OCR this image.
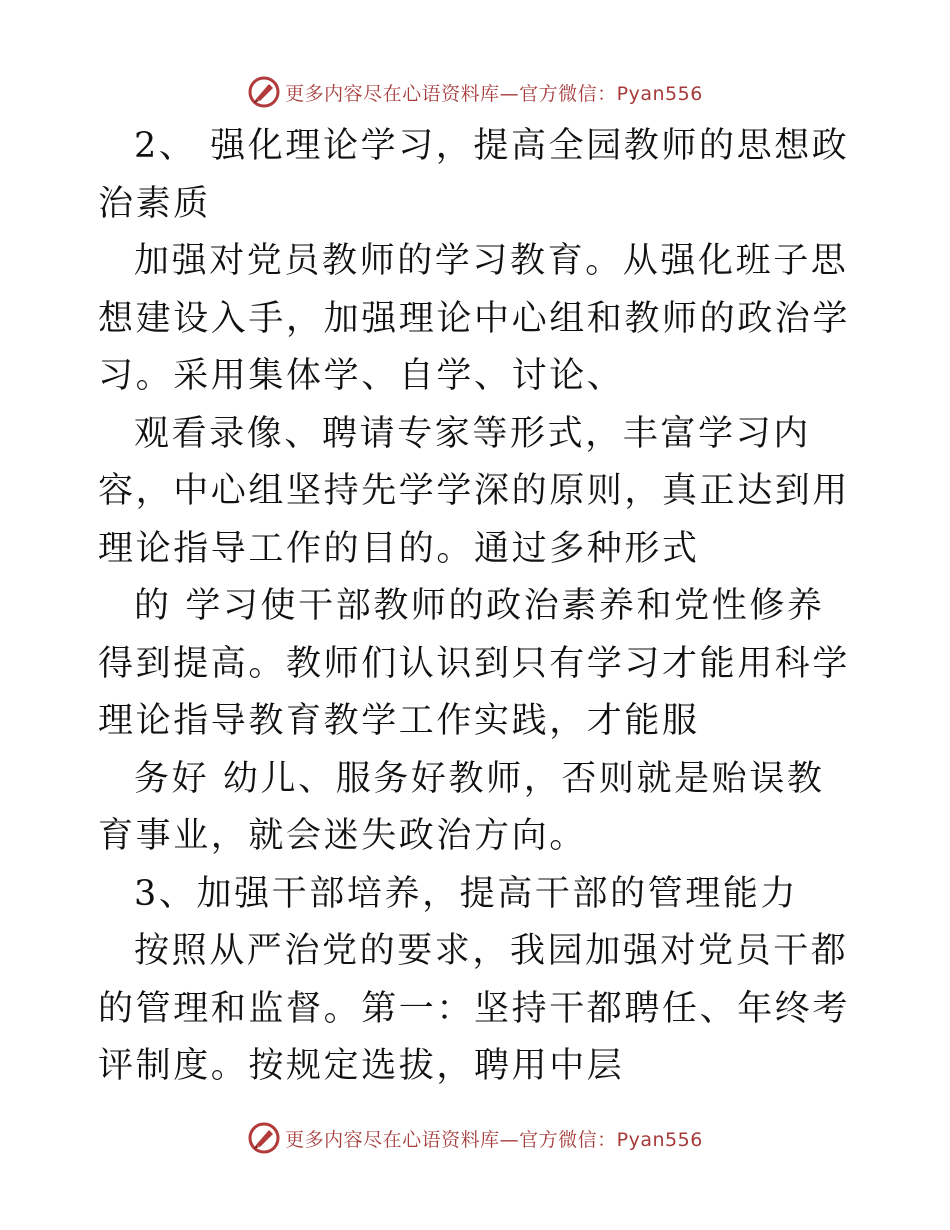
更多内容尽在心语资料库—官方微信：Pyan556

2、 强化理论学习，提高全园教师的思想政治素质

加强对党员教师的学习教育。从强化班子思想建设入手，加强理论中心组和教师的政治学习。采用集体学、自学、讨论、

观看录像、聘请专家等形式，丰富学习内容，中心组坚持先学学深的原则，真正达到用理论指导工作的目的。通过多种形式

的 学习使干部教师的政治素养和党性修养得到提高。教师们认识到只有学习才能用科学理论指导教育教学工作实践，才能服

务好 幼儿、服务好教师，否则就是贻误教育事业，就会迷失政治方向。

3、加强干部培养，提高干部的管理能力

按照从严治党的要求，我园加强对党员干都的管理和监督。第一：坚持干都聘任、年终考评制度。按规定选拔，聘用中层

更多内容尽在心语资料库—官方微信：Pyan556
